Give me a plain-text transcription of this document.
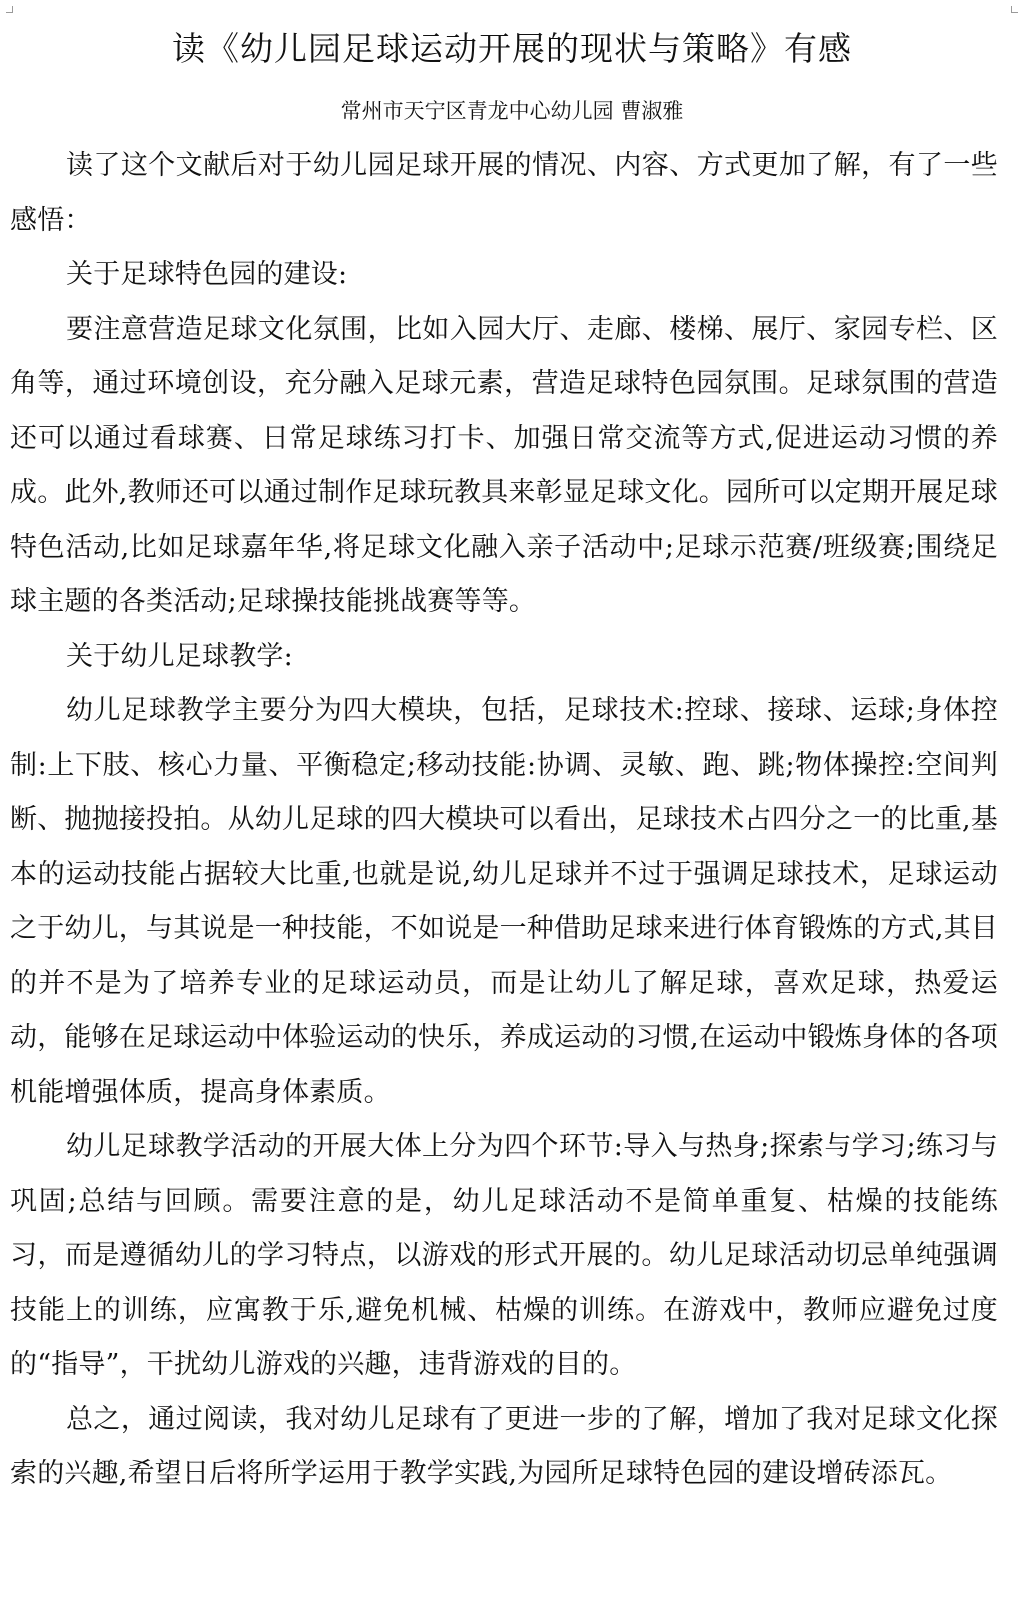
读《幼儿园足球运动开展的现状与策略》有感

常州市天宁区青龙中心幼儿园 曹淑雅

读了这个文献后对于幼儿园足球开展的情况、内容、方式更加了解，有了一些感悟：

关于足球特色园的建设:

要注意营造足球文化氛围，比如入园大厅、走廊、楼梯、展厅、家园专栏、区角等，通过环境创设，充分融入足球元素，营造足球特色园氛围。足球氛围的营造还可以通过看球赛、日常足球练习打卡、加强日常交流等方式,促进运动习惯的养成。此外,教师还可以通过制作足球玩教具来彰显足球文化。园所可以定期开展足球特色活动,比如足球嘉年华,将足球文化融入亲子活动中;足球示范赛/班级赛;围绕足球主题的各类活动;足球操技能挑战赛等等。

关于幼儿足球教学:

幼儿足球教学主要分为四大模块，包括，足球技术:控球、接球、运球;身体控制:上下肢、核心力量、平衡稳定;移动技能:协调、灵敏、跑、跳;物体操控:空间判断、抛抛接投拍。从幼儿足球的四大模块可以看出，足球技术占四分之一的比重,基本的运动技能占据较大比重,也就是说,幼儿足球并不过于强调足球技术，足球运动之于幼儿，与其说是一种技能，不如说是一种借助足球来进行体育锻炼的方式,其目的并不是为了培养专业的足球运动员，而是让幼儿了解足球，喜欢足球，热爱运动，能够在足球运动中体验运动的快乐，养成运动的习惯,在运动中锻炼身体的各项机能增强体质，提高身体素质。

幼儿足球教学活动的开展大体上分为四个环节:导入与热身;探索与学习;练习与巩固;总结与回顾。需要注意的是，幼儿足球活动不是简单重复、枯燥的技能练习，而是遵循幼儿的学习特点，以游戏的形式开展的。幼儿足球活动切忌单纯强调技能上的训练，应寓教于乐,避免机械、枯燥的训练。在游戏中，教师应避免过度的“指导”，干扰幼儿游戏的兴趣，违背游戏的目的。

总之，通过阅读，我对幼儿足球有了更进一步的了解，增加了我对足球文化探索的兴趣,希望日后将所学运用于教学实践,为园所足球特色园的建设增砖添瓦。
